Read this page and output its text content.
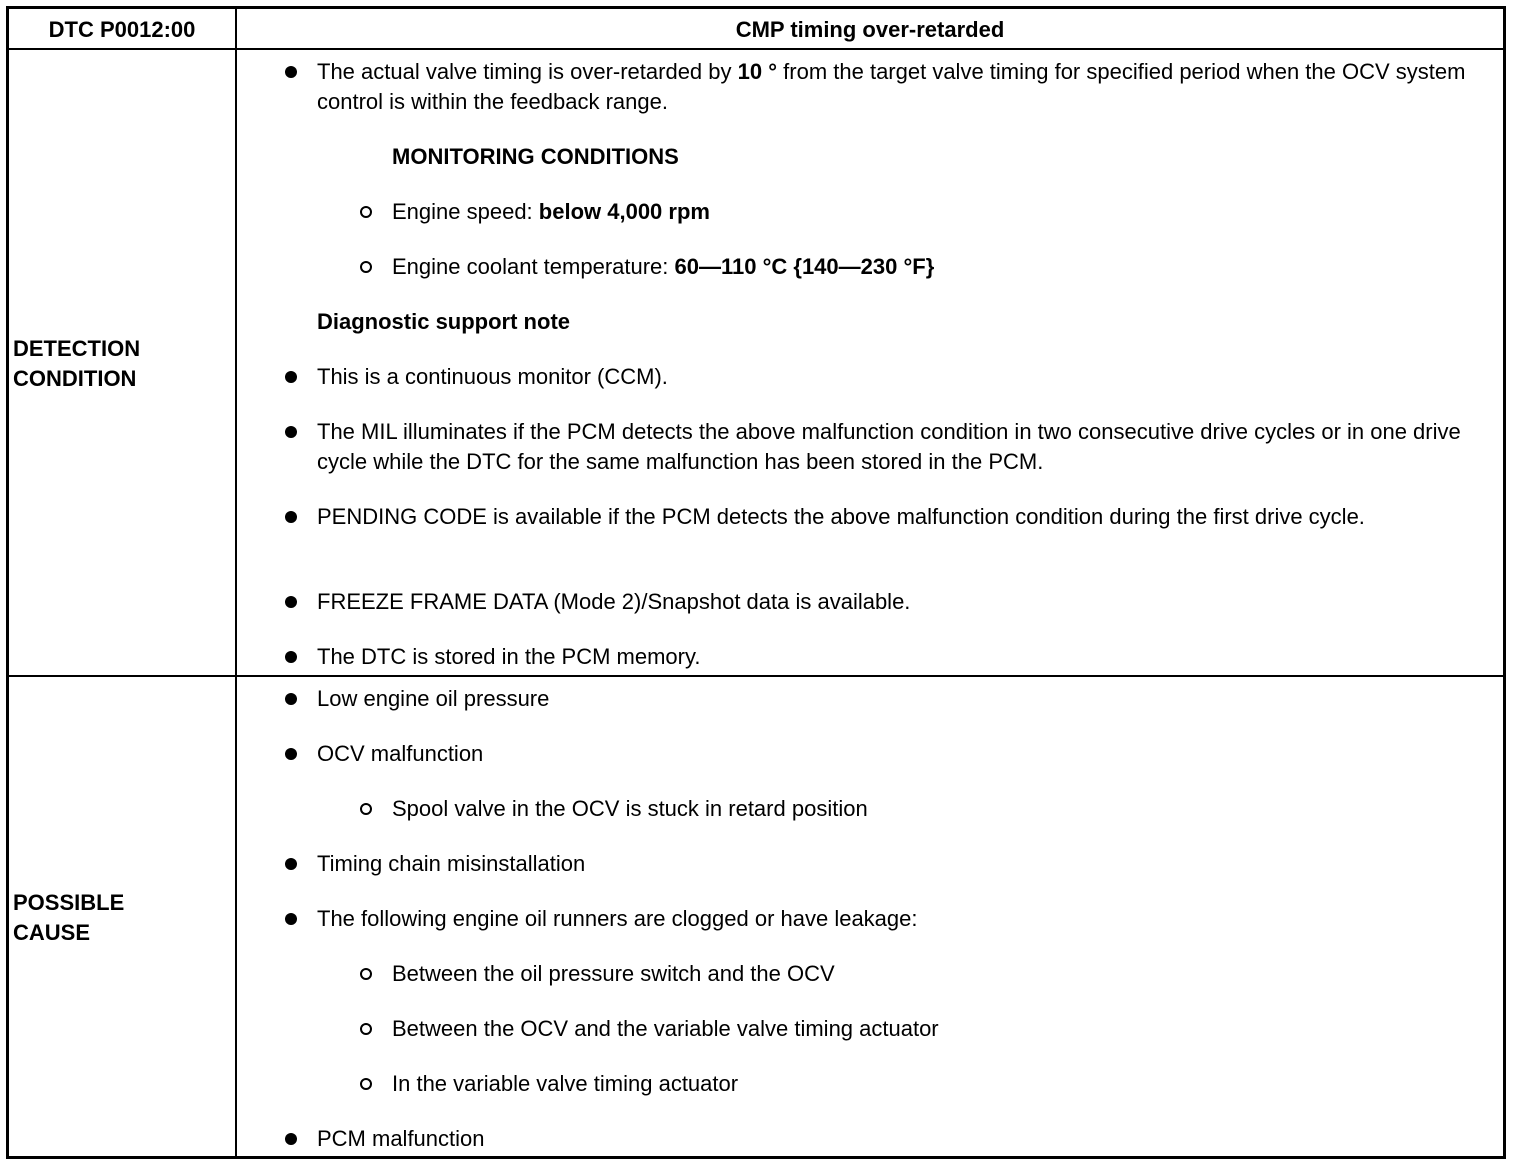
DTC P0012:00	CMP timing over-retarded
DETECTION
CONDITION
The actual valve timing is over-retarded by 10 ° from the target valve timing for specified period when the OCV system control is within the feedback range.
MONITORING CONDITIONS
Engine speed: below 4,000 rpm
Engine coolant temperature: 60—110 °C {140—230 °F}
Diagnostic support note
This is a continuous monitor (CCM).
The MIL illuminates if the PCM detects the above malfunction condition in two consecutive drive cycles or in one drive cycle while the DTC for the same malfunction has been stored in the PCM.
PENDING CODE is available if the PCM detects the above malfunction condition during the first drive cycle.
FREEZE FRAME DATA (Mode 2)/Snapshot data is available.
The DTC is stored in the PCM memory.
POSSIBLE
CAUSE
Low engine oil pressure
OCV malfunction
Spool valve in the OCV is stuck in retard position
Timing chain misinstallation
The following engine oil runners are clogged or have leakage:
Between the oil pressure switch and the OCV
Between the OCV and the variable valve timing actuator
In the variable valve timing actuator
PCM malfunction
